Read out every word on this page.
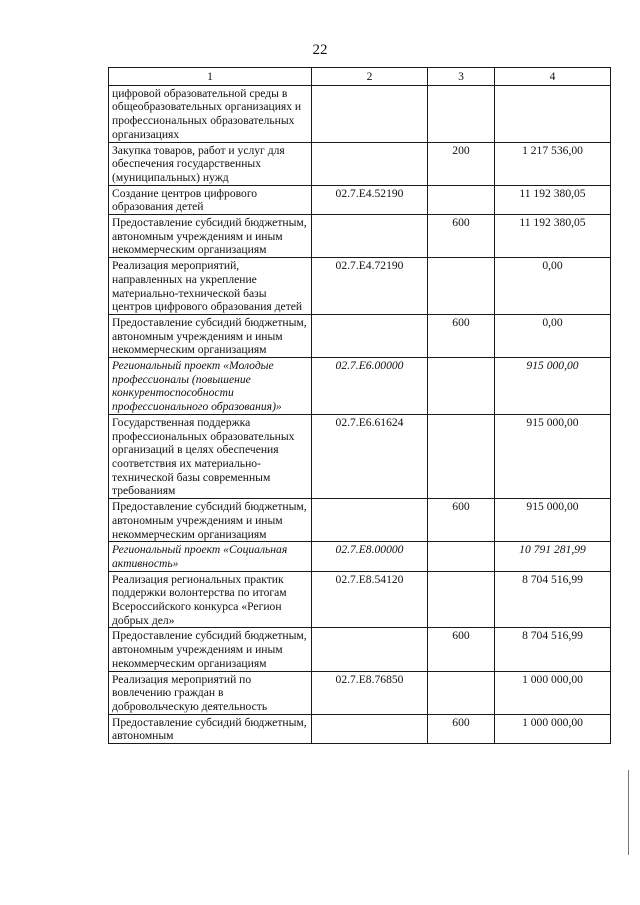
22
1	2	3	4
цифровой образовательной среды в общеобразовательных организациях и профессиональных образовательных организациях			
Закупка товаров, работ и услуг для обеспечения государственных (муниципальных) нужд		200	1 217 536,00
Создание центров цифрового образования детей	02.7.E4.52190		11 192 380,05
Предоставление субсидий бюджетным, автономным учреждениям и иным некоммерческим организациям		600	11 192 380,05
Реализация мероприятий, направленных на укрепление материально-технической базы центров цифрового образования детей	02.7.E4.72190		0,00
Предоставление субсидий бюджетным, автономным учреждениям и иным некоммерческим организациям		600	0,00
Региональный проект «Молодые профессионалы (повышение конкурентоспособности профессионального образования)»	02.7.E6.00000		915 000,00
Государственная поддержка профессиональных образовательных организаций в целях обеспечения соответствия их материально-технической базы современным требованиям	02.7.E6.61624		915 000,00
Предоставление субсидий бюджетным, автономным учреждениям и иным некоммерческим организациям		600	915 000,00
Региональный проект «Социальная активность»	02.7.E8.00000		10 791 281,99
Реализация региональных практик поддержки волонтерства по итогам Всероссийского конкурса «Регион добрых дел»	02.7.E8.54120		8 704 516,99
Предоставление субсидий бюджетным, автономным учреждениям и иным некоммерческим организациям		600	8 704 516,99
Реализация мероприятий по вовлечению граждан в добровольческую деятельность	02.7.E8.76850		1 000 000,00
Предоставление субсидий бюджетным, автономным		600	1 000 000,00
